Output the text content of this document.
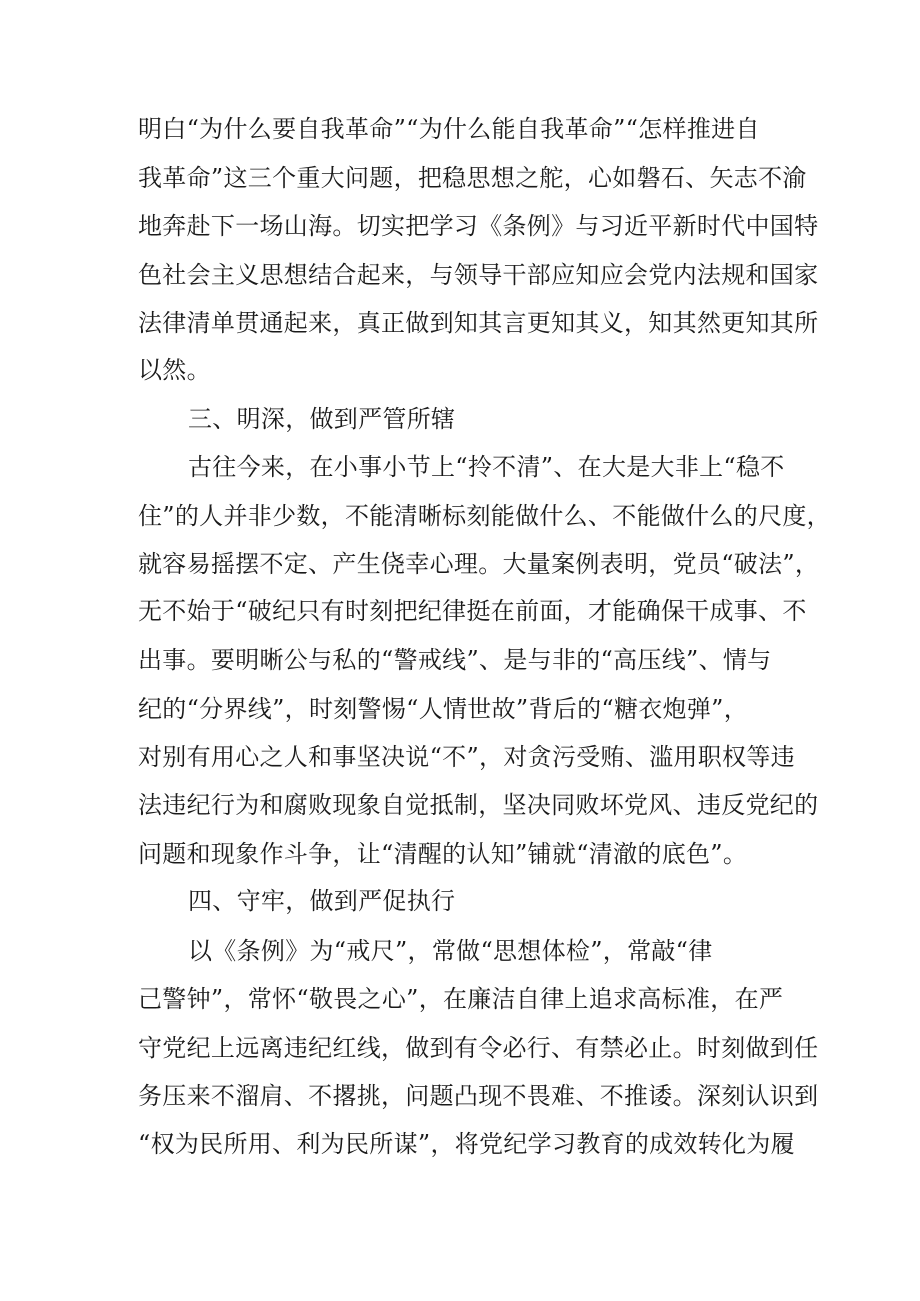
明白“为什么要自我革命”“为什么能自我革命”“怎样推进自
我革命”这三个重大问题，把稳思想之舵，心如磐石、矢志不渝
地奔赴下一场山海。切实把学习《条例》与习近平新时代中国特
色社会主义思想结合起来，与领导干部应知应会党内法规和国家
法律清单贯通起来，真正做到知其言更知其义，知其然更知其所
以然。
三、明深，做到严管所辖
古往今来，在小事小节上“拎不清”、在大是大非上“稳不
住”的人并非少数，不能清晰标刻能做什么、不能做什么的尺度，
就容易摇摆不定、产生侥幸心理。大量案例表明，党员“破法”，
无不始于“破纪只有时刻把纪律挺在前面，才能确保干成事、不
出事。要明晰公与私的“警戒线”、是与非的“高压线”、情与
纪的“分界线”，时刻警惕“人情世故”背后的“糖衣炮弹”，
对别有用心之人和事坚决说“不”，对贪污受贿、滥用职权等违
法违纪行为和腐败现象自觉抵制，坚决同败坏党风、违反党纪的
问题和现象作斗争，让“清醒的认知”铺就“清澈的底色”。
四、守牢，做到严促执行
以《条例》为“戒尺”，常做“思想体检”，常敲“律
己警钟”，常怀“敬畏之心”，在廉洁自律上追求高标准，在严
守党纪上远离违纪红线，做到有令必行、有禁必止。时刻做到任
务压来不溜肩、不撂挑，问题凸现不畏难、不推诿。深刻认识到
“权为民所用、利为民所谋”，将党纪学习教育的成效转化为履
